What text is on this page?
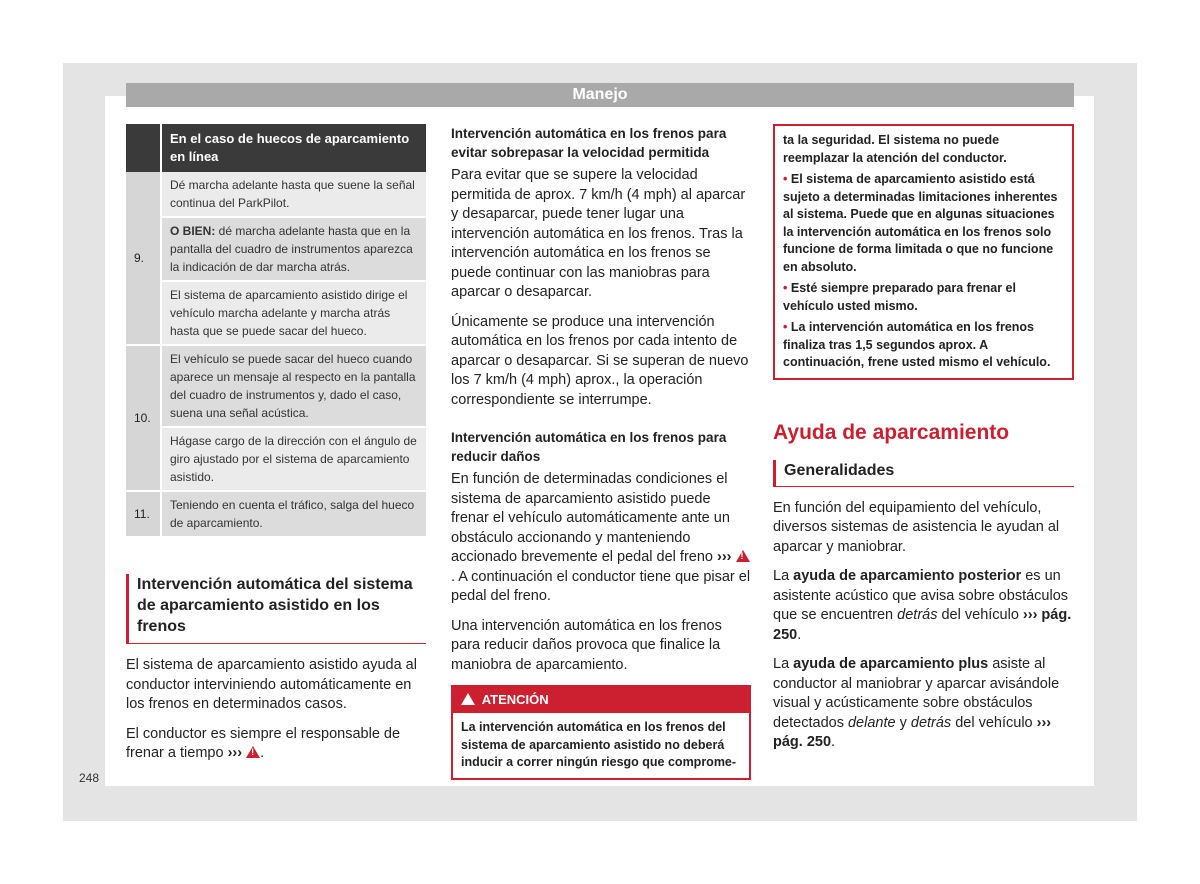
Manejo
	En el caso de huecos de aparcamiento en línea
9.	Dé marcha adelante hasta que suene la señal continua del ParkPilot.
	O BIEN: dé marcha adelante hasta que en la pantalla del cuadro de instrumentos aparezca la indicación de dar marcha atrás.
	El sistema de aparcamiento asistido dirige el vehículo marcha adelante y marcha atrás hasta que se puede sacar del hueco.
10.	El vehículo se puede sacar del hueco cuando aparece un mensaje al respecto en la pantalla del cuadro de instrumentos y, dado el caso, suena una señal acústica.
	Hágase cargo de la dirección con el ángulo de giro ajustado por el sistema de aparcamiento asistido.
11.	Teniendo en cuenta el tráfico, salga del hueco de aparcamiento.
Intervención automática del sistema de aparcamiento asistido en los frenos

El sistema de aparcamiento asistido ayuda al conductor interviniendo automáticamente en los frenos en determinados casos.

El conductor es siempre el responsable de frenar a tiempo ››› ! .

Intervención automática en los frenos para evitar sobrepasar la velocidad permitida

Para evitar que se supere la velocidad permitida de aprox. 7 km/h (4 mph) al aparcar y desaparcar, puede tener lugar una intervención automática en los frenos. Tras la intervención automática en los frenos se puede continuar con las maniobras para aparcar o desaparcar.

Únicamente se produce una intervención automática en los frenos por cada intento de aparcar o desaparcar. Si se superan de nuevo los 7 km/h (4 mph) aprox., la operación correspondiente se interrumpe.

Intervención automática en los frenos para reducir daños

En función de determinadas condiciones el sistema de aparcamiento asistido puede frenar el vehículo automáticamente ante un obstáculo accionando y manteniendo accionado brevemente el pedal del freno ››› !. A continuación el conductor tiene que pisar el pedal del freno.

Una intervención automática en los frenos para reducir daños provoca que finalice la maniobra de aparcamiento.

!  ATENCIÓN
La intervención automática en los frenos del sistema de aparcamiento asistido no deberá inducir a correr ningún riesgo que comprome-
ta la seguridad. El sistema no puede reemplazar la atención del conductor.
• El sistema de aparcamiento asistido está sujeto a determinadas limitaciones inherentes al sistema. Puede que en algunas situaciones la intervención automática en los frenos solo funcione de forma limitada o que no funcione en absoluto.
• Esté siempre preparado para frenar el vehículo usted mismo.
• La intervención automática en los frenos finaliza tras 1,5 segundos aprox. A continuación, frene usted mismo el vehículo.
Ayuda de aparcamiento
Generalidades

En función del equipamiento del vehículo, diversos sistemas de asistencia le ayudan al aparcar y maniobrar.

La ayuda de aparcamiento posterior es un asistente acústico que avisa sobre obstáculos que se encuentren detrás del vehículo ››› pág. 250.

La ayuda de aparcamiento plus asiste al conductor al maniobrar y aparcar avisándole visual y acústicamente sobre obstáculos detectados delante y detrás del vehículo ››› pág. 250.

248
